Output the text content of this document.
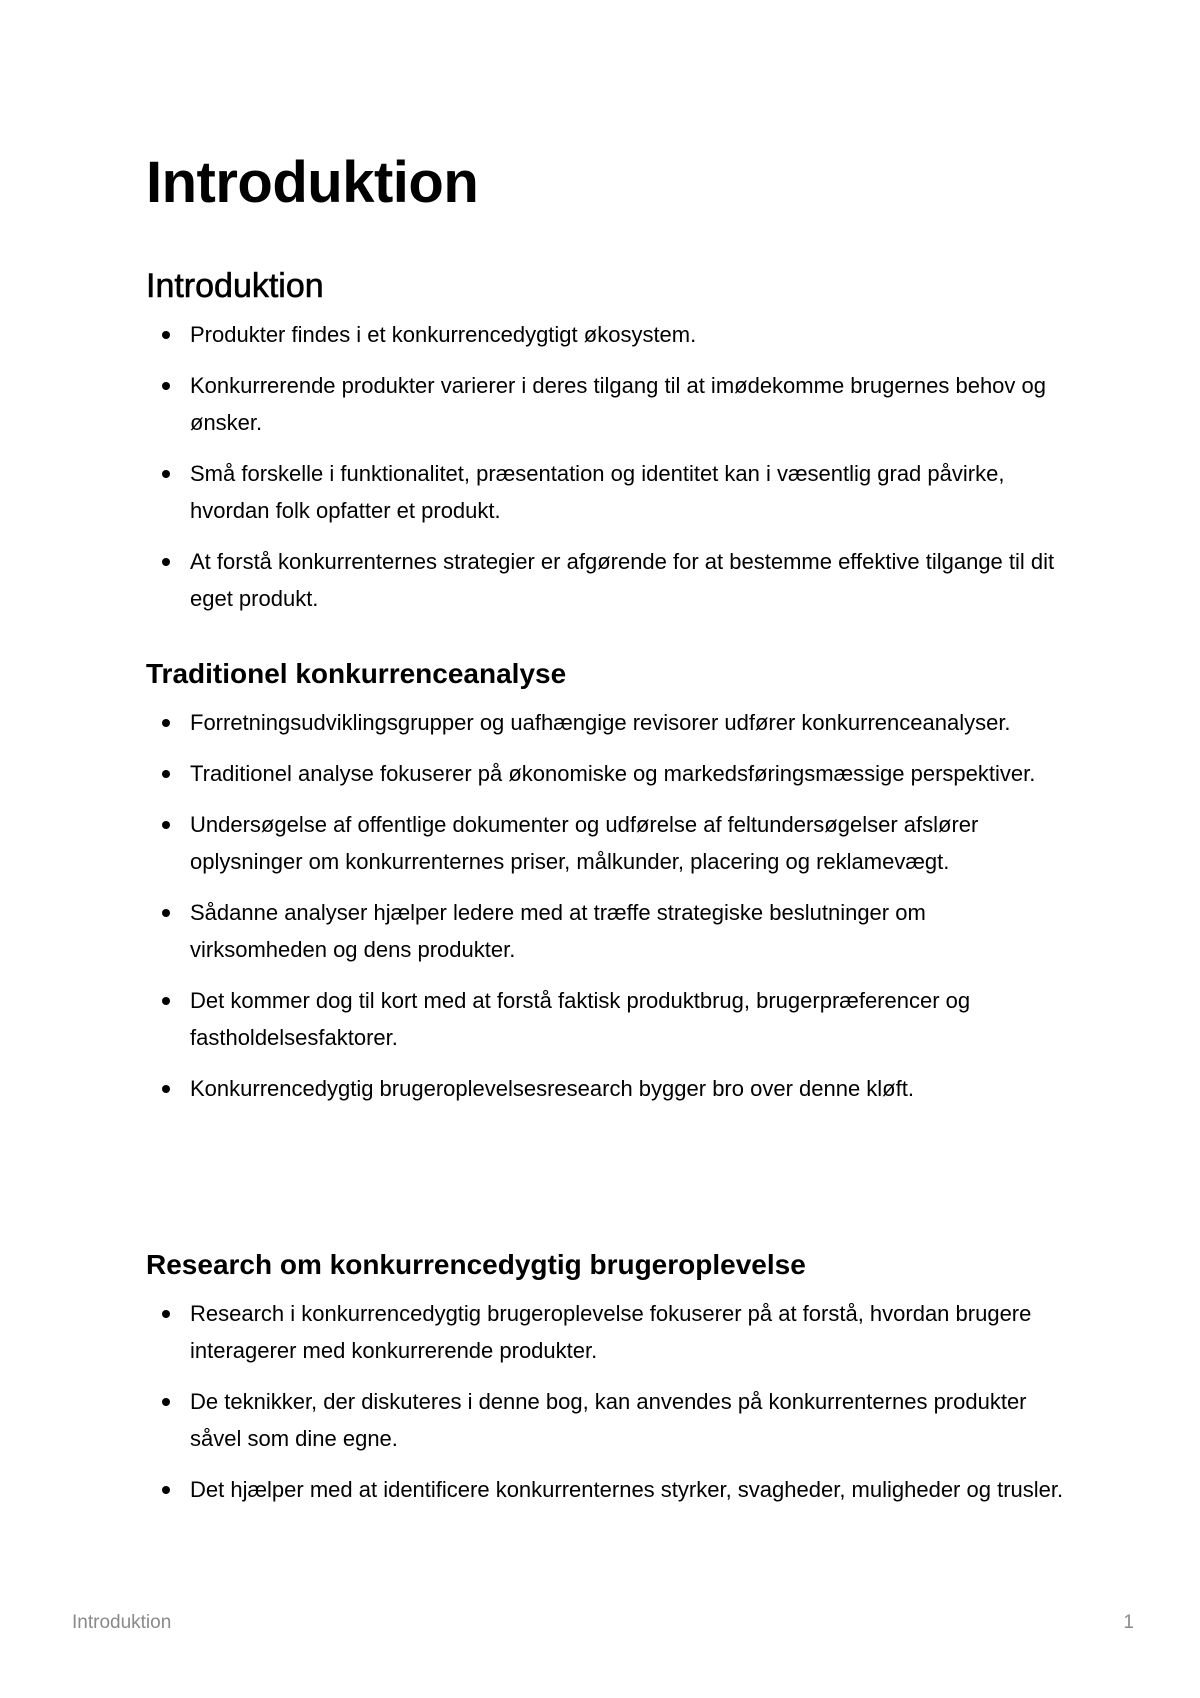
Introduktion
Introduktion
Produkter findes i et konkurrencedygtigt økosystem.
Konkurrerende produkter varierer i deres tilgang til at imødekomme brugernes behov og ønsker.
Små forskelle i funktionalitet, præsentation og identitet kan i væsentlig grad påvirke, hvordan folk opfatter et produkt.
At forstå konkurrenternes strategier er afgørende for at bestemme effektive tilgange til dit eget produkt.
Traditionel konkurrenceanalyse
Forretningsudviklingsgrupper og uafhængige revisorer udfører konkurrenceanalyser.
Traditionel analyse fokuserer på økonomiske og markedsføringsmæssige perspektiver.
Undersøgelse af offentlige dokumenter og udførelse af feltundersøgelser afslører oplysninger om konkurrenternes priser, målkunder, placering og reklamevægt.
Sådanne analyser hjælper ledere med at træffe strategiske beslutninger om virksomheden og dens produkter.
Det kommer dog til kort med at forstå faktisk produktbrug, brugerpræferencer og fastholdelsesfaktorer.
Konkurrencedygtig brugeroplevelsesresearch bygger bro over denne kløft.
Research om konkurrencedygtig brugeroplevelse
Research i konkurrencedygtig brugeroplevelse fokuserer på at forstå, hvordan brugere interagerer med konkurrerende produkter.
De teknikker, der diskuteres i denne bog, kan anvendes på konkurrenternes produkter såvel som dine egne.
Det hjælper med at identificere konkurrenternes styrker, svagheder, muligheder og trusler.
Introduktion	1
